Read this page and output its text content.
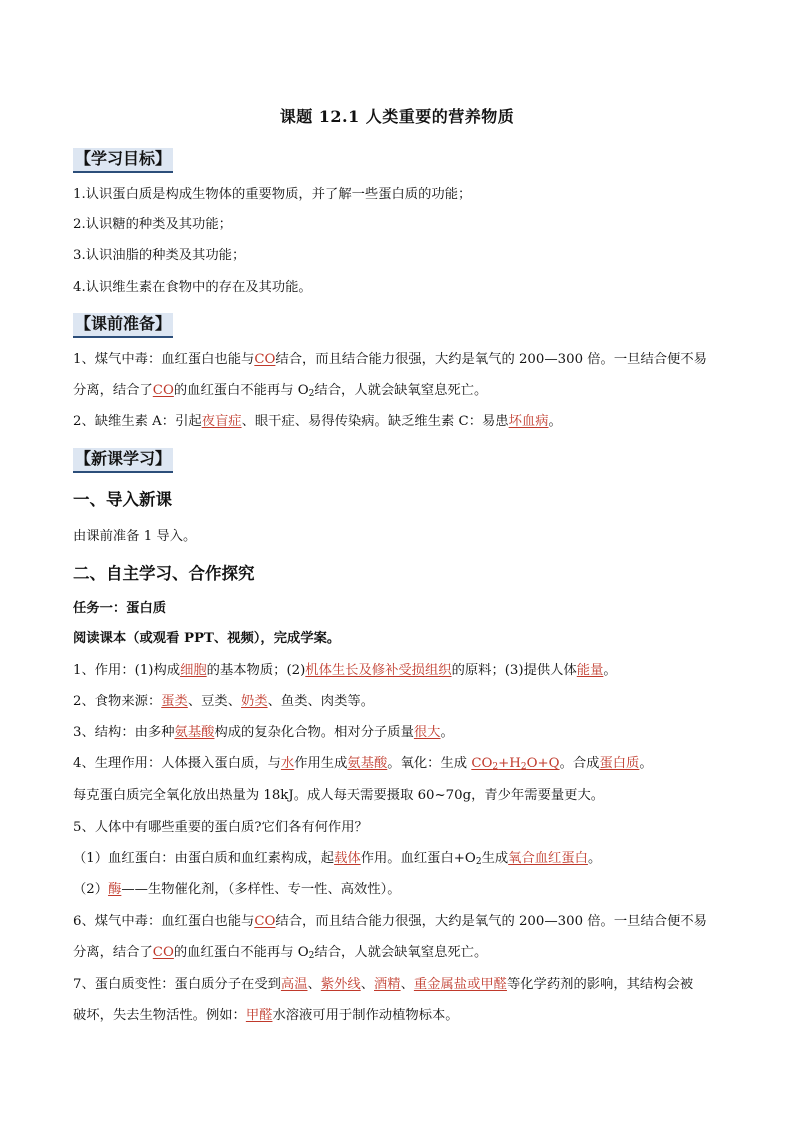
课题 12.1 人类重要的营养物质
【学习目标】
1.认识蛋白质是构成生物体的重要物质，并了解一些蛋白质的功能；
2.认识糖的种类及其功能；
3.认识油脂的种类及其功能；
4.认识维生素在食物中的存在及其功能。
【课前准备】
1、煤气中毒：血红蛋白也能与CO结合，而且结合能力很强，大约是氧气的 200—300 倍。一旦结合便不易
分离，结合了CO的血红蛋白不能再与 $O_2$结合，人就会缺氧窒息死亡。
2、缺维生素 A：引起夜盲症、眼干症、易得传染病。缺乏维生素 C：易患坏血病。
【新课学习】
一、导入新课
由课前准备 1 导入。
二、自主学习、合作探究
任务一：蛋白质
阅读课本（或观看 PPT、视频），完成学案。
1、作用：(1)构成细胞的基本物质；(2)机体生长及修补受损组织的原料；(3)提供人体能量。
2、食物来源：蛋类、豆类、奶类、鱼类、肉类等。
3、结构：由多种氨基酸构成的复杂化合物。相对分子质量很大。
4、生理作用：人体摄入蛋白质，与水作用生成氨基酸。氧化：生成 $CO_2+H_2O+Q$。合成蛋白质。
每克蛋白质完全氧化放出热量为 18kJ。成人每天需要摄取 60~70g，青少年需要量更大。
5、人体中有哪些重要的蛋白质?它们各有何作用？
（1）血红蛋白：由蛋白质和血红素构成，起载体作用。血红蛋白$+O_2$生成氧合血红蛋白。
（2）酶——生物催化剂，（多样性、专一性、高效性）。
6、煤气中毒：血红蛋白也能与CO结合，而且结合能力很强，大约是氧气的 200—300 倍。一旦结合便不易
分离，结合了CO的血红蛋白不能再与 $O_2$结合，人就会缺氧窒息死亡。
7、蛋白质变性：蛋白质分子在受到高温、紫外线、酒精、重金属盐或甲醛等化学药剂的影响，其结构会被
破坏，失去生物活性。例如：甲醛水溶液可用于制作动植物标本。
